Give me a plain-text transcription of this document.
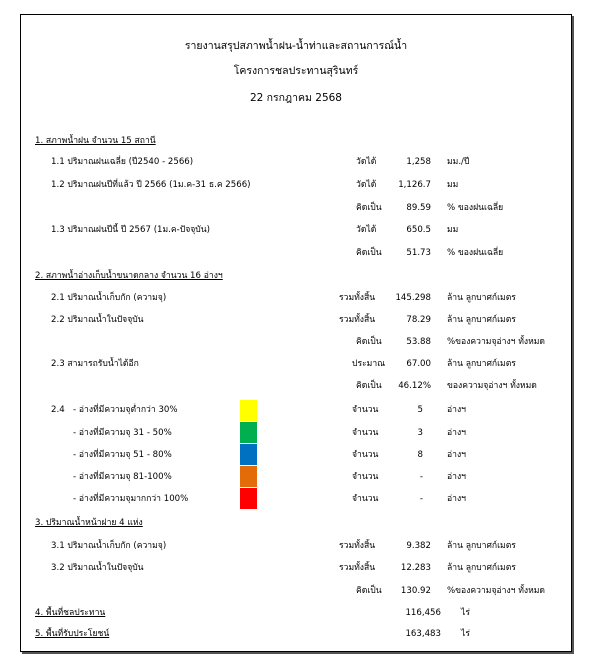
รายงานสรุปสภาพน้ำฝน-น้ำท่าและสถานการณ์น้ำ
โครงการชลประทานสุรินทร์
22 กรกฎาคม 2568
1. สภาพน้ำฝน จำนวน 15 สถานี
1.1 ปริมาณฝนเฉลี่ย (ปี2540 - 2566)	วัดได้	1,258 มม./ปี
1.2 ปริมาณฝนปีที่แล้ว ปี 2566 (1ม.ค-31 ธ.ค 2566)	วัดได้	1,126.7 มม
คิดเป็น	89.59 % ของฝนเฉลี่ย
1.3 ปริมาณฝนปีนี้ ปี 2567 (1ม.ค-ปัจจุบัน)	วัดได้	650.5 มม
คิดเป็น	51.73 % ของฝนเฉลี่ย
2. สภาพน้ำอ่างเก็บน้ำขนาดกลาง จำนวน 16 อ่างฯ
2.1 ปริมาณน้ำเก็บกัก (ความจุ)	รวมทั้งสิ้น 145.298 ล้าน ลูกบาศก์เมตร
2.2 ปริมาณน้ำในปัจจุบัน	รวมทั้งสิ้น	78.29 ล้าน ลูกบาศก์เมตร
คิดเป็น	53.88 %ของความจุอ่างฯ ทั้งหมด
2.3 สามารถรับน้ำได้อีก	ประมาณ	67.00 ล้าน ลูกบาศก์เมตร
คิดเป็น	46.12% ของความจุอ่างฯ ทั้งหมด
2.4 - อ่างที่มีความจุต่ำกว่า 30%	จำนวน	5	อ่างฯ
- อ่างที่มีความจุ 31 - 50%	จำนวน	3	อ่างฯ
- อ่างที่มีความจุ 51 - 80%	จำนวน	8	อ่างฯ
- อ่างที่มีความจุ 81-100%	จำนวน	-	อ่างฯ
- อ่างที่มีความจุมากกว่า 100%	จำนวน	-	อ่างฯ
3. ปริมาณน้ำหน้าฝาย 4 แห่ง
3.1 ปริมาณน้ำเก็บกัก (ความจุ)	รวมทั้งสิ้น	9.382 ล้าน ลูกบาศก์เมตร
3.2 ปริมาณน้ำในปัจจุบัน	รวมทั้งสิ้น	12.283 ล้าน ลูกบาศก์เมตร
คิดเป็น	130.92 %ของความจุอ่างฯ ทั้งหมด
4. พื้นที่ชลประทาน	116,456 ไร่
5. พื้นที่รับประโยชน์	163,483 ไร่
